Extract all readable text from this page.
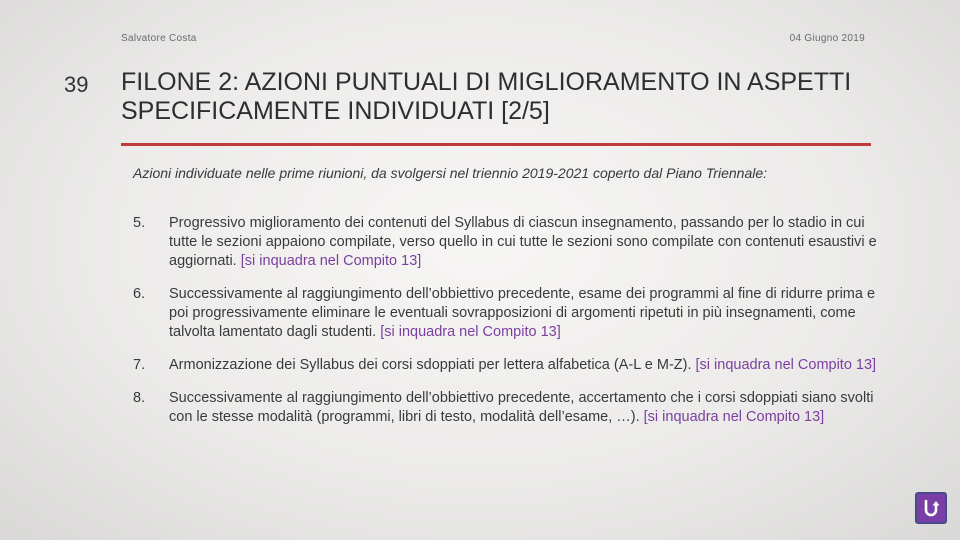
Salvatore Costa	04 Giugno 2019
39 FILONE 2: AZIONI PUNTUALI DI MIGLIORAMENTO IN ASPETTI SPECIFICAMENTE INDIVIDUATI [2/5]
Azioni individuate nelle prime riunioni, da svolgersi nel triennio 2019-2021 coperto dal Piano Triennale:
5.	Progressivo miglioramento dei contenuti del Syllabus di ciascun insegnamento, passando per lo stadio in cui tutte le sezioni appaiono compilate, verso quello in cui tutte le sezioni sono compilate con contenuti esaustivi e aggiornati. [si inquadra nel Compito 13]
6.	Successivamente al raggiungimento dell’obbiettivo precedente, esame dei programmi al fine di ridurre prima e poi progressivamente eliminare le eventuali sovrapposizioni di argomenti ripetuti in più insegnamenti, come talvolta lamentato dagli studenti. [si inquadra nel Compito 13]
7.	Armonizzazione dei Syllabus dei corsi sdoppiati per lettera alfabetica (A-L e M-Z). [si inquadra nel Compito 13]
8.	Successivamente al raggiungimento dell’obbiettivo precedente, accertamento che i corsi sdoppiati siano svolti con le stesse modalità (programmi, libri di testo, modalità dell’esame, …). [si inquadra nel Compito 13]
